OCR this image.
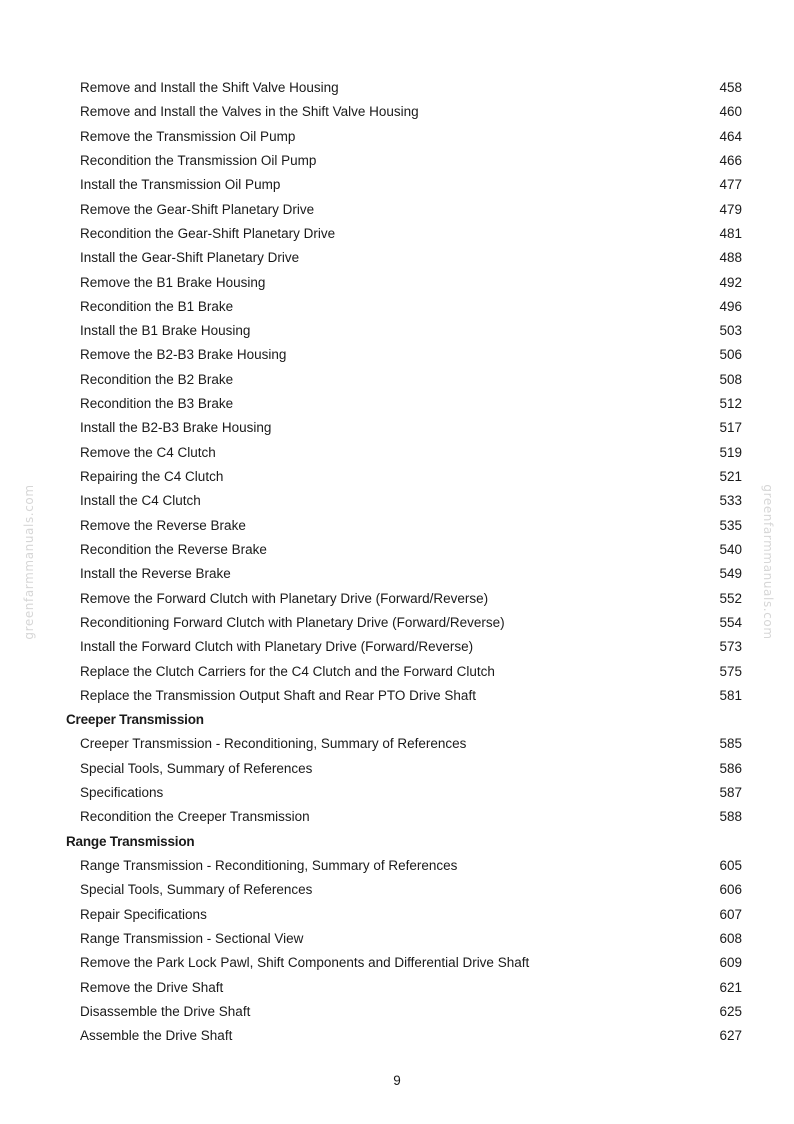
greenfarmmanuals.com	greenfarmmanuals.com
Remove and Install the Shift Valve Housing	458
Remove and Install the Valves in the Shift Valve Housing	460
Remove the Transmission Oil Pump	464
Recondition the Transmission Oil Pump	466
Install the Transmission Oil Pump	477
Remove the Gear-Shift Planetary Drive	479
Recondition the Gear-Shift Planetary Drive	481
Install the Gear-Shift Planetary Drive	488
Remove the B1 Brake Housing	492
Recondition the B1 Brake	496
Install the B1 Brake Housing	503
Remove the B2-B3 Brake Housing	506
Recondition the B2 Brake	508
Recondition the B3 Brake	512
Install the B2-B3 Brake Housing	517
Remove the C4 Clutch	519
Repairing the C4 Clutch	521
Install the C4 Clutch	533
Remove the Reverse Brake	535
Recondition the Reverse Brake	540
Install the Reverse Brake	549
Remove the Forward Clutch with Planetary Drive (Forward/Reverse)	552
Reconditioning Forward Clutch with Planetary Drive (Forward/Reverse)	554
Install the Forward Clutch with Planetary Drive (Forward/Reverse)	573
Replace the Clutch Carriers for the C4 Clutch and the Forward Clutch	575
Replace the Transmission Output Shaft and Rear PTO Drive Shaft	581
Creeper Transmission
Creeper Transmission - Reconditioning, Summary of References	585
Special Tools, Summary of References	586
Specifications	587
Recondition the Creeper Transmission	588
Range Transmission
Range Transmission - Reconditioning, Summary of References	605
Special Tools, Summary of References	606
Repair Specifications	607
Range Transmission - Sectional View	608
Remove the Park Lock Pawl, Shift Components and Differential Drive Shaft	609
Remove the Drive Shaft	621
Disassemble the Drive Shaft	625
Assemble the Drive Shaft	627
9
